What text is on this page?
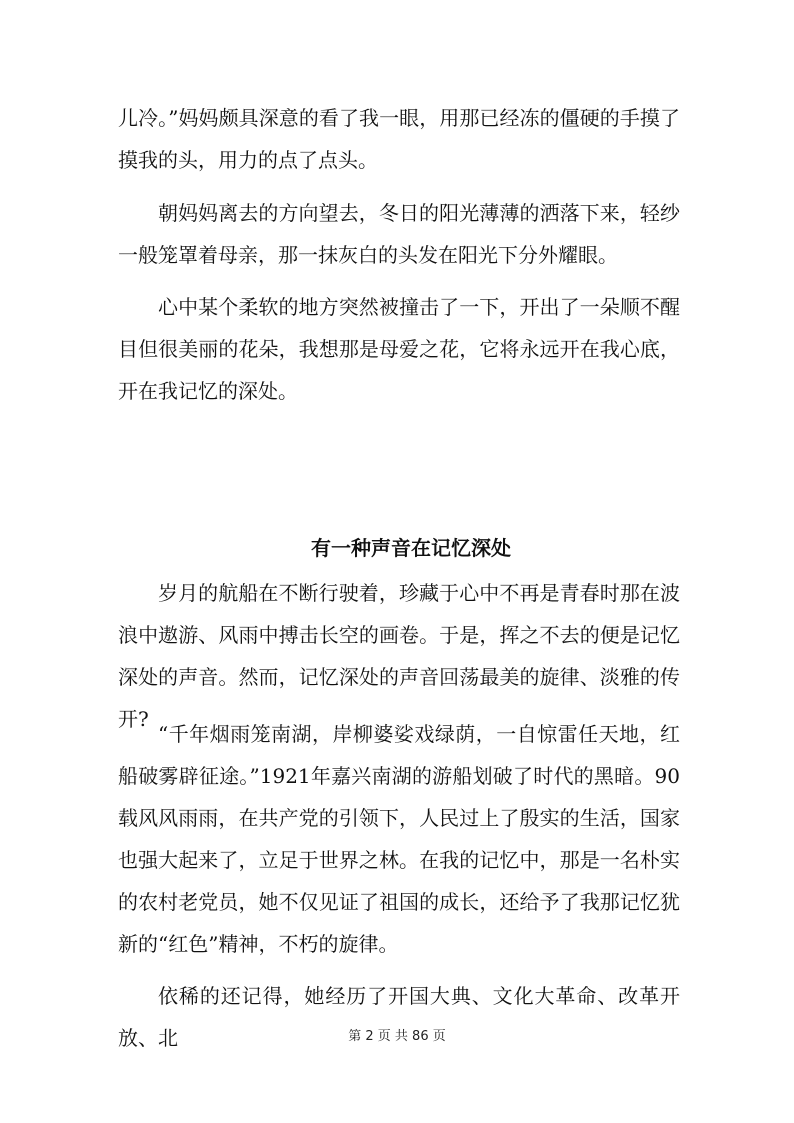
儿冷。”妈妈颇具深意的看了我一眼，用那已经冻的僵硬的手摸了摸我的头，用力的点了点头。

朝妈妈离去的方向望去，冬日的阳光薄薄的洒落下来，轻纱一般笼罩着母亲，那一抹灰白的头发在阳光下分外耀眼。

心中某个柔软的地方突然被撞击了一下，开出了一朵顺不醒目但很美丽的花朵，我想那是母爱之花，它将永远开在我心底，开在我记忆的深处。

有一种声音在记忆深处

岁月的航船在不断行驶着，珍藏于心中不再是青春时那在波浪中遨游、风雨中搏击长空的画卷。于是，挥之不去的便是记忆深处的声音。然而，记忆深处的声音回荡最美的旋律、淡雅的传开?

“千年烟雨笼南湖，岸柳婆娑戏绿荫，一自惊雷任天地，红船破雾辟征途。”1921年嘉兴南湖的游船划破了时代的黑暗。90载风风雨雨，在共产党的引领下，人民过上了殷实的生活，国家也强大起来了，立足于世界之林。在我的记忆中，那是一名朴实的农村老党员，她不仅见证了祖国的成长，还给予了我那记忆犹新的“红色”精神，不朽的旋律。

依稀的还记得，她经历了开国大典、文化大革命、改革开放、北	第 2 页 共 86 页
